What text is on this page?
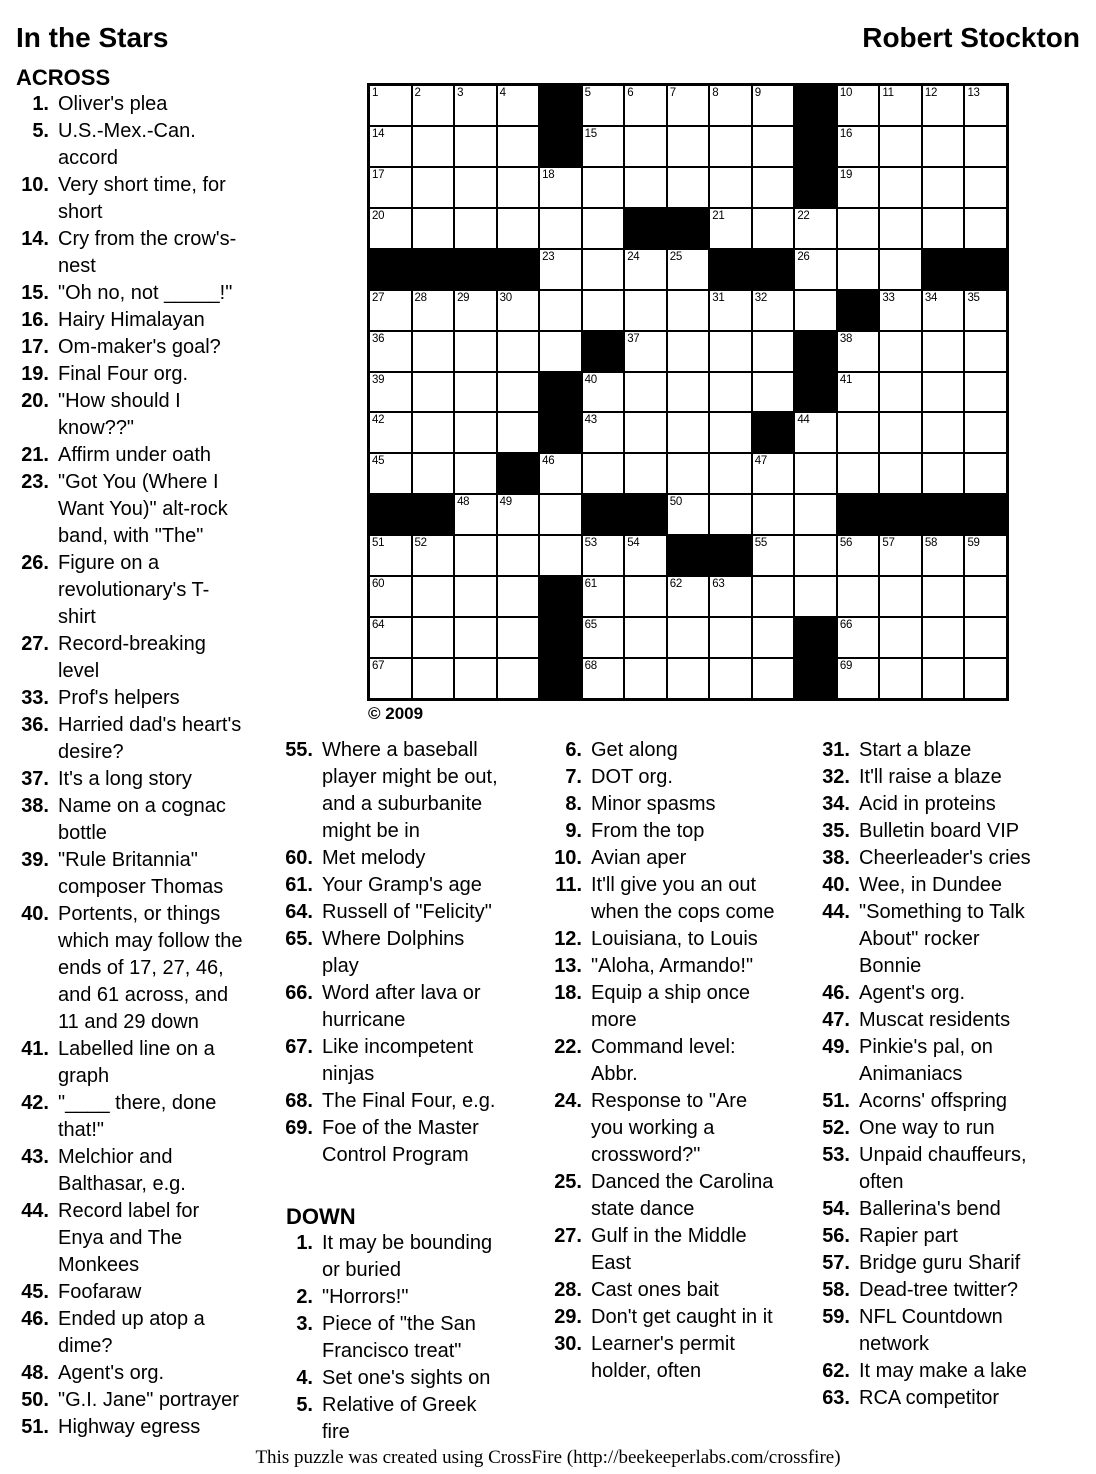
In the Stars	Robert Stockton
ACROSS
1. Oliver's plea
5. U.S.-Mex.-Can. accord
10. Very short time, for short
14. Cry from the crow's-nest
15. "Oh no, not _____!"
16. Hairy Himalayan
17. Om-maker's goal?
19. Final Four org.
20. "How should I know??"
21. Affirm under oath
23. "Got You (Where I Want You)" alt-rock band, with "The"
26. Figure on a revolutionary's T-shirt
27. Record-breaking level
33. Prof's helpers
36. Harried dad's heart's desire?
37. It's a long story
38. Name on a cognac bottle
39. "Rule Britannia" composer Thomas
40. Portents, or things which may follow the ends of 17, 27, 46, and 61 across, and 11 and 29 down
41. Labelled line on a graph
42. "____ there, done that!"
43. Melchior and Balthasar, e.g.
44. Record label for Enya and The Monkees
45. Foofaraw
46. Ended up atop a dime?
48. Agent's org.
50. "G.I. Jane" portrayer
51. Highway egress
1	2	3	4	5	6	7	8	9	10	11	12	13
14	15	16
17	18	19
20	21	22
23	24	25	26
27	28	29	30	31	32	33	34	35
36	37	38
39	40	41
42	43	44
45	46	47
48	49	50
51	52	53	54	55	56	57	58	59
60	61	62	63
64	65	66
67	68	69
© 2009
55. Where a baseball player might be out, and a suburbanite might be in
60. Met melody
61. Your Gramp's age
64. Russell of "Felicity"
65. Where Dolphins play
66. Word after lava or hurricane
67. Like incompetent ninjas
68. The Final Four, e.g.
69. Foe of the Master Control Program
DOWN
1. It may be bounding or buried
2. "Horrors!"
3. Piece of "the San Francisco treat"
4. Set one's sights on
5. Relative of Greek fire
6. Get along
7. DOT org.
8. Minor spasms
9. From the top
10. Avian aper
11. It'll give you an out when the cops come
12. Louisiana, to Louis
13. "Aloha, Armando!"
18. Equip a ship once more
22. Command level: Abbr.
24. Response to "Are you working a crossword?"
25. Danced the Carolina state dance
27. Gulf in the Middle East
28. Cast ones bait
29. Don't get caught in it
30. Learner's permit holder, often
31. Start a blaze
32. It'll raise a blaze
34. Acid in proteins
35. Bulletin board VIP
38. Cheerleader's cries
40. Wee, in Dundee
44. "Something to Talk About" rocker Bonnie
46. Agent's org.
47. Muscat residents
49. Pinkie's pal, on Animaniacs
51. Acorns' offspring
52. One way to run
53. Unpaid chauffeurs, often
54. Ballerina's bend
56. Rapier part
57. Bridge guru Sharif
58. Dead-tree twitter?
59. NFL Countdown network
62. It may make a lake
63. RCA competitor
This puzzle was created using CrossFire (http://beekeeperlabs.com/crossfire)
